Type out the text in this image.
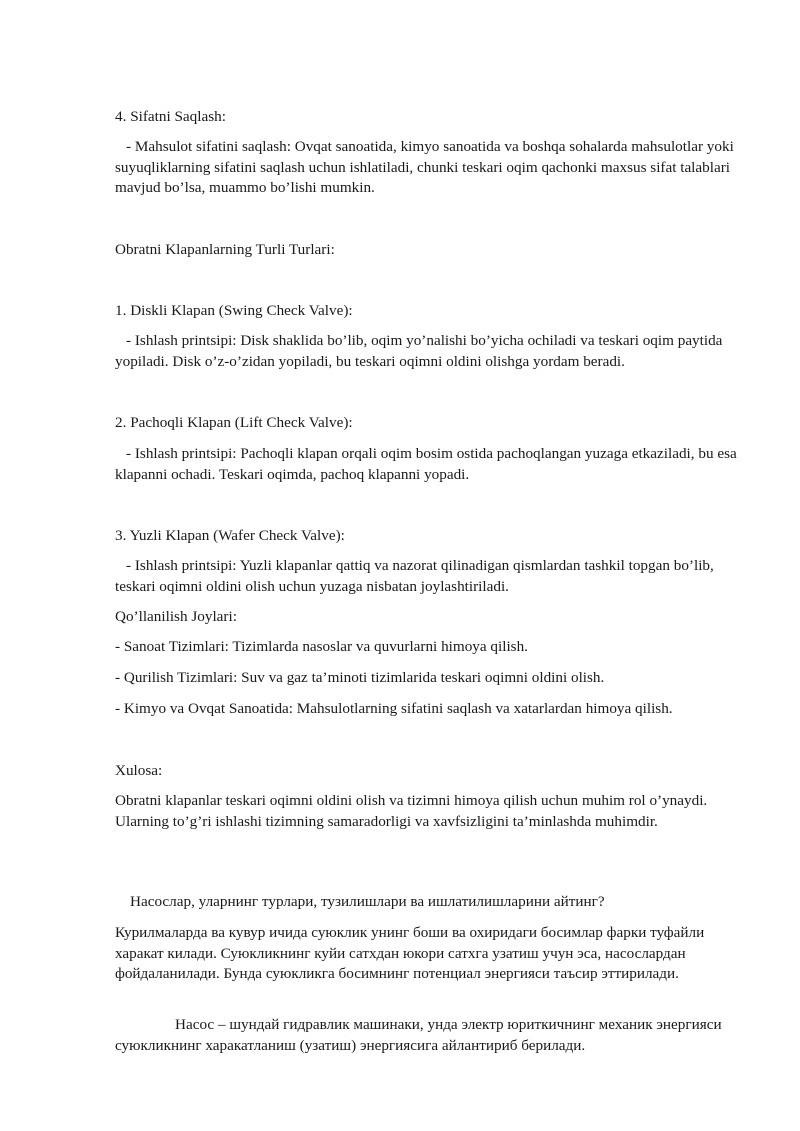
4. Sifatni Saqlash:

- Mahsulot sifatini saqlash: Ovqat sanoatida, kimyo sanoatida va boshqa sohalarda mahsulotlar yoki suyuqliklarning sifatini saqlash uchun ishlatiladi, chunki teskari oqim qachonki maxsus sifat talablari mavjud bo’lsa, muammo bo’lishi mumkin.

Obratni Klapanlarning Turli Turlari:

1. Diskli Klapan (Swing Check Valve):

- Ishlash printsipi: Disk shaklida bo’lib, oqim yo’nalishi bo’yicha ochiladi va teskari oqim paytida yopiladi. Disk o’z-o’zidan yopiladi, bu teskari oqimni oldini olishga yordam beradi.

2. Pachoqli Klapan (Lift Check Valve):

- Ishlash printsipi: Pachoqli klapan orqali oqim bosim ostida pachoqlangan yuzaga etkaziladi, bu esa klapanni ochadi. Teskari oqimda, pachoq klapanni yopadi.

3. Yuzli Klapan (Wafer Check Valve):

- Ishlash printsipi: Yuzli klapanlar qattiq va nazorat qilinadigan qismlardan tashkil topgan bo’lib, teskari oqimni oldini olish uchun yuzaga nisbatan joylashtiriladi.

Qo’llanilish Joylari:

- Sanoat Tizimlari: Tizimlarda nasoslar va quvurlarni himoya qilish.

- Qurilish Tizimlari: Suv va gaz ta’minoti tizimlarida teskari oqimni oldini olish.

- Kimyo va Ovqat Sanoatida: Mahsulotlarning sifatini saqlash va xatarlardan himoya qilish.

Xulosa:

Obratni klapanlar teskari oqimni oldini olish va tizimni himoya qilish uchun muhim rol o’ynaydi. Ularning to’g’ri ishlashi tizimning samaradorligi va xavfsizligini ta’minlashda muhimdir.

Насослар, уларнинг турлари, тузилишлари ва ишлатилишларини айтинг?

Курилмаларда ва кувур ичида суюклик унинг боши ва охиридаги босимлар фарки туфайли харакат килади. Суюкликнинг куйи сатхдан юкори сатхга узатиш учун эса, насослардан фойдаланилади. Бунда суюкликга босимнинг потенциал энергияси таъсир эттирилади.

Насос – шундай гидравлик машинаки, унда электр юриткичнинг механик энергияси суюкликнинг харакатланиш (узатиш) энергиясига айлантириб берилади.
